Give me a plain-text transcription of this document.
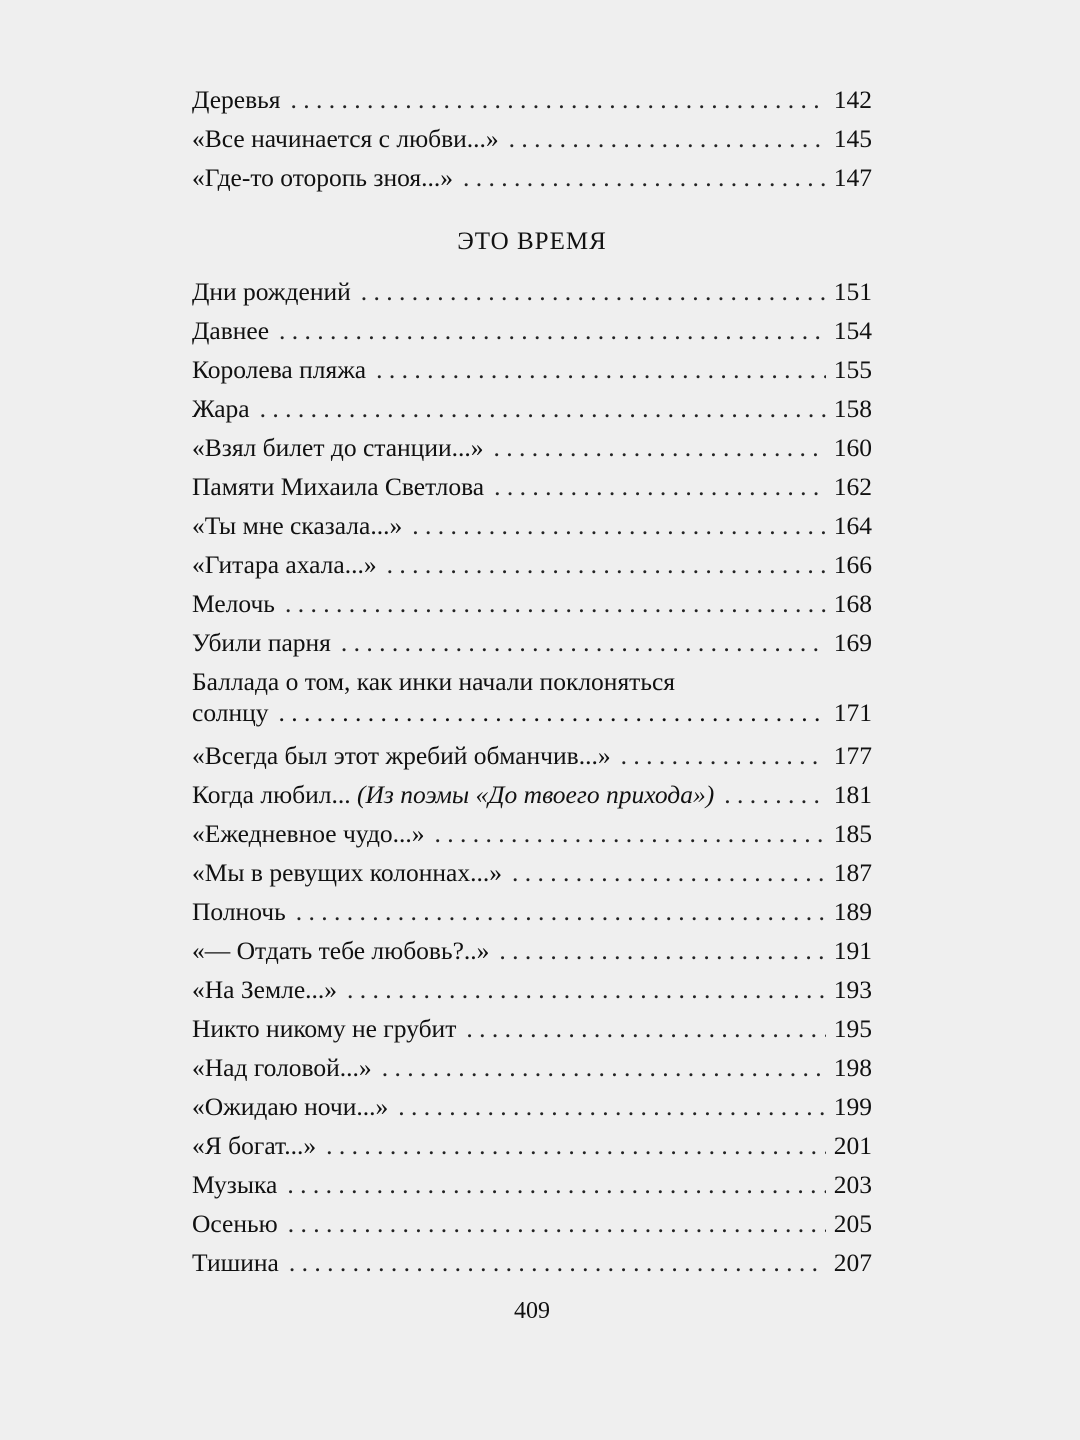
Деревья . . .	142
«Все начинается с любви...» . . .	145
«Где-то оторопь зноя...» . . .	147
ЭТО ВРЕМЯ
Дни рождений . . .	151
Давнее . . .	154
Королева пляжа . . .	155
Жара . . .	158
«Взял билет до станции...» . . .	160
Памяти Михаила Светлова . . .	162
«Ты мне сказала...» . . .	164
«Гитара ахала...» . . .	166
Мелочь . . .	168
Убили парня . . .	169
Баллада о том, как инки начали поклоняться
солнцу . . .	171
«Всегда был этот жребий обманчив...» . . .	177
Когда любил... (Из поэмы «До твоего прихода») . . .	181
«Ежедневное чудо...» . . .	185
«Мы в ревущих колоннах...» . . .	187
Полночь . . .	189
«— Отдать тебе любовь?..» . . .	191
«На Земле...» . . .	193
Никто никому не грубит . . .	195
«Над головой...» . . .	198
«Ожидаю ночи...» . . .	199
«Я богат...» . . .	201
Музыка . . .	203
Осенью . . .	205
Тишина . . .	207
409
